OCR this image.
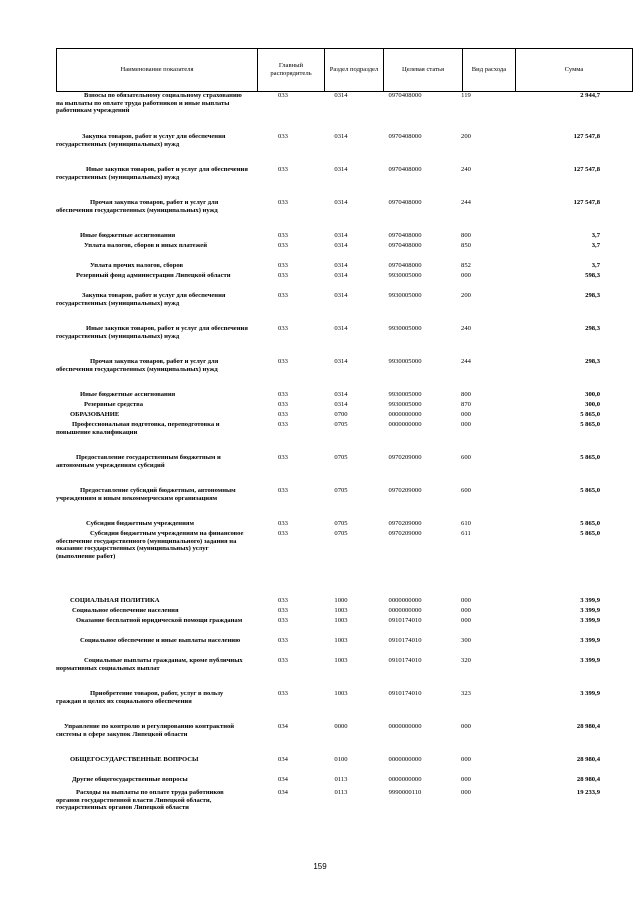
Наименование показателя	Главный распорядитель	Раздел подраздел	Целевая статья	Вид расхода	Сумма
Взносы по обязательному социальному страхованию на выплаты по оплате труда работников и иные выплаты работникам учреждений	033	0314	0970408000	119	2 944,7
Закупка товаров, работ и услуг для обеспечения государственных (муниципальных) нужд	033	0314	0970408000	200	127 547,8
Иные закупки товаров, работ и услуг для обеспечения государственных (муниципальных) нужд	033	0314	0970408000	240	127 547,8
Прочая закупка товаров, работ и услуг для обеспечения государственных (муниципальных) нужд	033	0314	0970408000	244	127 547,8
Иные бюджетные ассигнования	033	0314	0970408000	800	3,7
Уплата налогов, сборов и иных платежей	033	0314	0970408000	850	3,7
Уплата прочих налогов, сборов	033	0314	0970408000	852	3,7
Резервный фонд администрации Липецкой области	033	0314	9930005000	000	598,3
Закупка товаров, работ и услуг для обеспечения государственных (муниципальных) нужд	033	0314	9930005000	200	298,3
Иные закупки товаров, работ и услуг для обеспечения государственных (муниципальных) нужд	033	0314	9930005000	240	298,3
Прочая закупка товаров, работ и услуг для обеспечения государственных (муниципальных) нужд	033	0314	9930005000	244	298,3
Иные бюджетные ассигнования	033	0314	9930005000	800	300,0
Резервные средства	033	0314	9930005000	870	300,0
ОБРАЗОВАНИЕ	033	0700	0000000000	000	5 865,0
Профессиональная подготовка, переподготовка и повышение квалификации	033	0705	0000000000	000	5 865,0
Предоставление государственным бюджетным и автономным учреждениям субсидий	033	0705	0970209000	600	5 865,0
Предоставление субсидий бюджетным, автономным учреждениям и иным некоммерческим организациям	033	0705	0970209000	600	5 865,0
Субсидии бюджетным учреждениям	033	0705	0970209000	610	5 865,0
Субсидии бюджетным учреждениям на финансовое обеспечение государственного (муниципального) задания на оказание государственных (муниципальных) услуг (выполнение работ)	033	0705	0970209000	611	5 865,0
СОЦИАЛЬНАЯ ПОЛИТИКА	033	1000	0000000000	000	3 399,9
Социальное обеспечение населения	033	1003	0000000000	000	3 399,9
Оказание бесплатной юридической помощи гражданам	033	1003	0910174010	000	3 399,9
Социальное обеспечение и иные выплаты населению	033	1003	0910174010	300	3 399,9
Социальные выплаты гражданам, кроме публичных нормативных социальных выплат	033	1003	0910174010	320	3 399,9
Приобретение товаров, работ, услуг в пользу граждан в целях их социального обеспечения	033	1003	0910174010	323	3 399,9
Управление по контролю и регулированию контрактной системы в сфере закупок Липецкой области	034	0000	0000000000	000	28 980,4
ОБЩЕГОСУДАРСТВЕННЫЕ ВОПРОСЫ	034	0100	0000000000	000	28 980,4
Другие общегосударственные вопросы	034	0113	0000000000	000	28 980,4
Расходы на выплаты по оплате труда работников органов государственной власти Липецкой области, государственных органов Липецкой области	034	0113	9990000110	000	19 233,9
159
